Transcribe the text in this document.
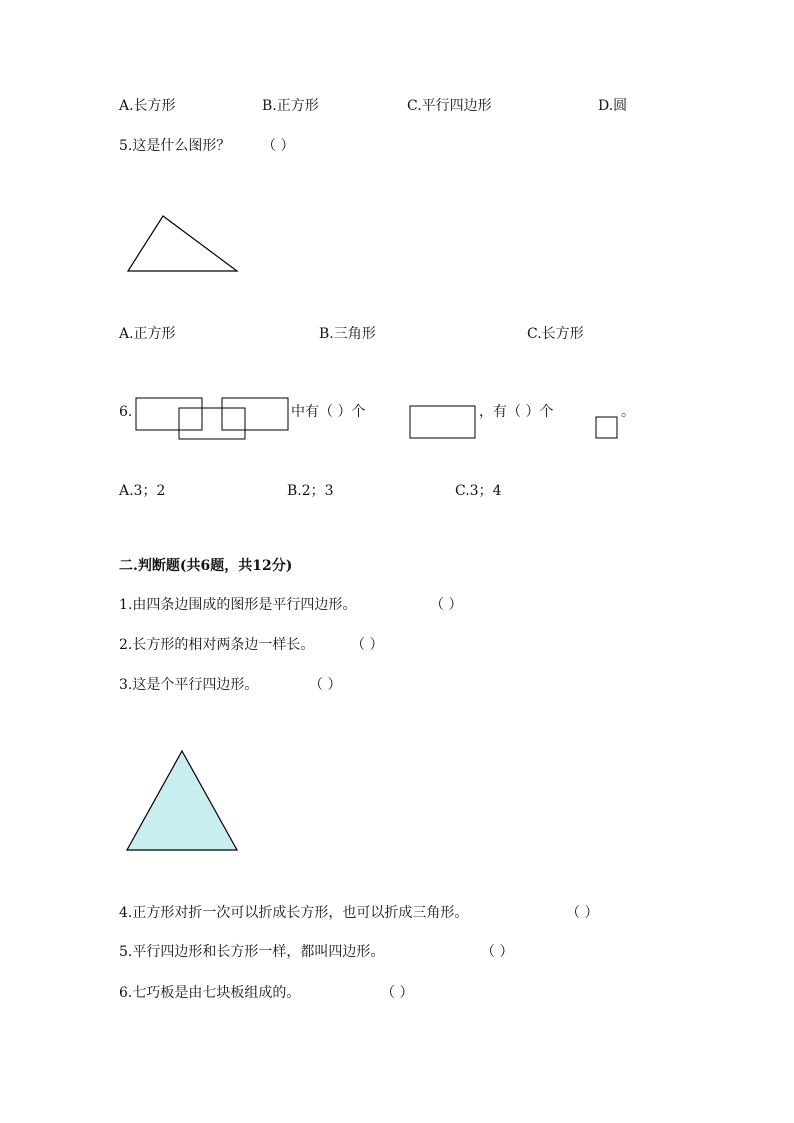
A.长方形	B.正方形	C.平行四边形	D.圆
5.这是什么图形？ （ ）
A.正方形	B.三角形	C.长方形
6.	中有（ ）个	，有（ ）个	。
A.3；2	B.2；3	C.3；4
二.判断题(共6题，共12分)
1.由四条边围成的图形是平行四边形。	（ ）
2.长方形的相对两条边一样长。	（ ）
3.这是个平行四边形。	（ ）
4.正方形对折一次可以折成长方形，也可以折成三角形。	（ ）
5.平行四边形和长方形一样，都叫四边形。	（ ）
6.七巧板是由七块板组成的。	（ ）
